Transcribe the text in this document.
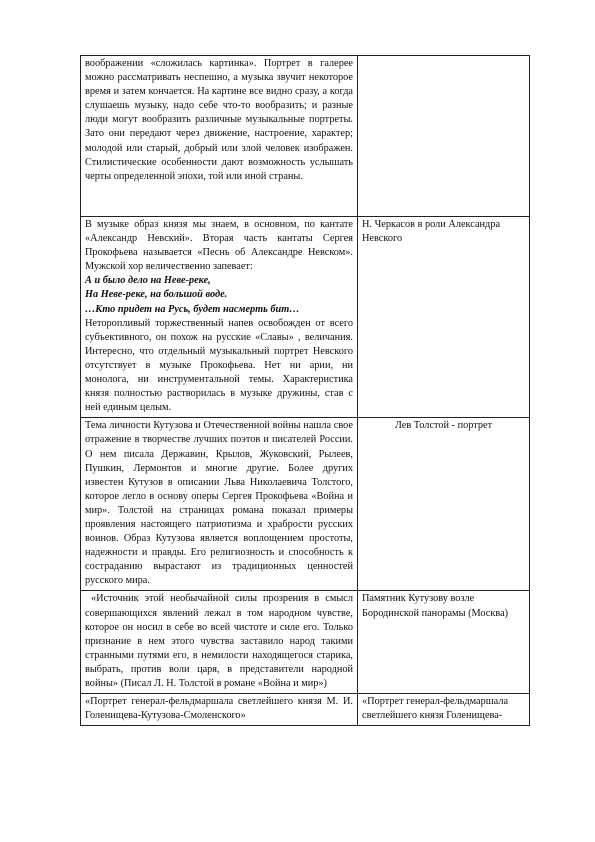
воображении «сложилась картинка». Портрет в галерее можно рассматривать неспешно, а музыка звучит некоторое время и затем кончается. На картине все видно сразу, а когда слушаешь музыку, надо себе что-то вообразить; и разные люди могут вообразить различные музыкальные портреты. Зато они передают через движение, настроение, характер; молодой или старый, добрый или злой человек изображен. Стилистические особенности дают возможность услышать черты определенной эпохи, той или иной страны.	

В музыке образ князя мы знаем, в основном, по кантате «Александр Невский». Вторая часть кантаты Сергея Прокофьева называется «Песнь об Александре Невском». Мужской хор величественно запевает:
А и было дело на Неве-реке,
На Неве-реке, на большой воде.
…Кто придет на Русь, будет насмерть бит…
Неторопливый торжественный напев освобожден от всего субъективного, он похож на русские «Славы» , величания. Интересно, что отдельный музыкальный портрет Невского отсутствует в музыке Прокофьева. Нет ни арии, ни монолога, ни инструментальной темы. Характеристика князя полностью растворилась в музыке дружины, став с ней единым целым.	Н. Черкасов в роли Александра Невского

Тема личности Кутузова и Отечественной войны нашла свое отражение в творчестве лучших поэтов и писателей России. О нем писала Державин, Крылов, Жуковский, Рылеев, Пушкин, Лермонтов и многие другие. Более других известен Кутузов в описании Льва Николаевича Толстого, которое легло в основу оперы Сергея Прокофьева «Война и мир». Толстой на страницах романа показал примеры проявления настоящего патриотизма и храбрости русских воинов. Образ Кутузова является воплощением простоты, надежности и правды. Его религиозность и способность к состраданию вырастают из традиционных ценностей русского мира.	Лев Толстой - портрет

«Источник этой необычайной силы прозрения в смысл совершающихся явлений лежал в том народном чувстве, которое он носил в себе во всей чистоте и силе его. Только признание в нем этого чувства заставило народ такими странными путями его, в немилости находящегося старика, выбрать, против воли царя, в представители народной войны» (Писал Л. Н. Толстой в романе «Война и мир»)	Памятник Кутузову возле Бородинской панорамы (Москва)

«Портрет генерал-фельдмаршала светлейшего князя М. И. Голенищева-Кутузова-Смоленского»	«Портрет генерал-фельдмаршала светлейшего князя Голенищева-
